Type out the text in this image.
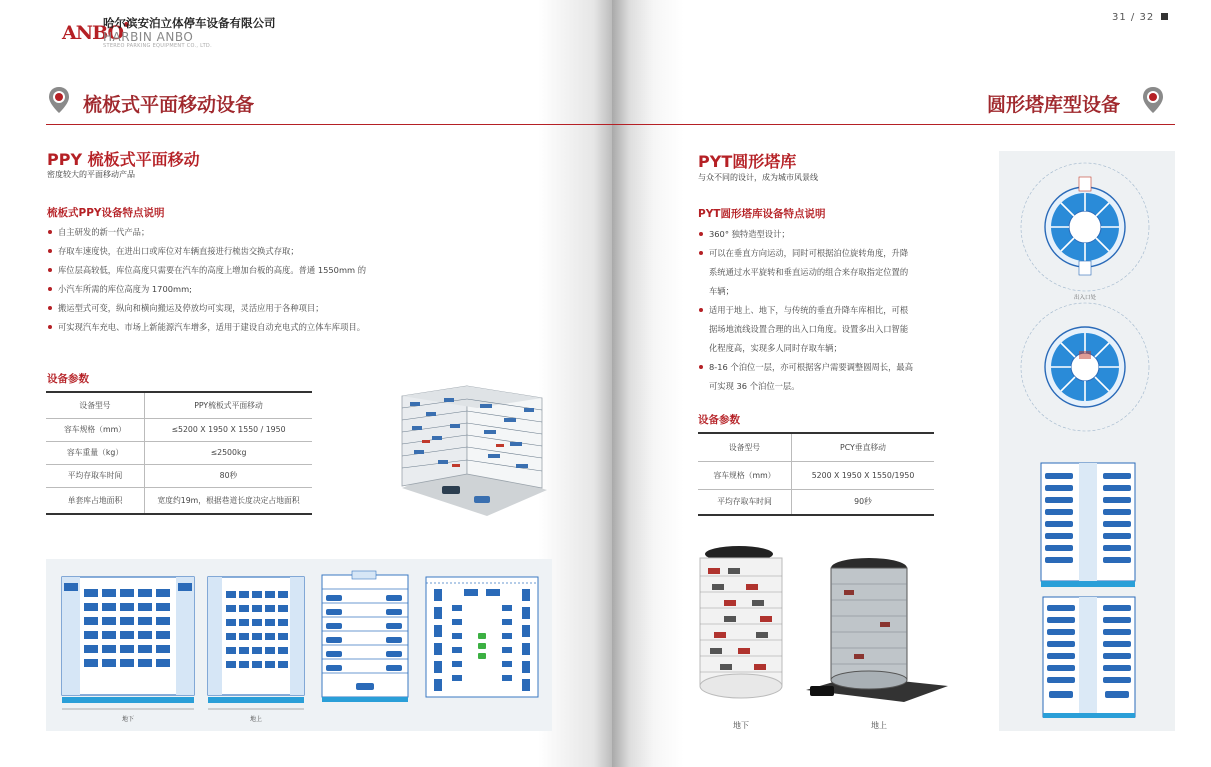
ANBO
哈尔滨安泊立体停车设备有限公司
HARBIN ANBO
STEREO PARKING EQUIPMENT CO., LTD.
梳板式平面移动设备
PPY 梳板式平面移动
密度较大的平面移动产品
梳板式PPY设备特点说明
自主研发的新一代产品；
存取车速度快，在进出口或库位对车辆直接进行梳齿交换式存取；
库位层高较低，库位高度只需要在汽车的高度上增加台板的高度。普通 1550mm 的
小汽车所需的库位高度为 1700mm;
搬运型式可变，纵向和横向搬运及停放均可实现，灵活应用于各种项目；
可实现汽车充电、市场上新能源汽车增多，适用于建设自动充电式的立体车库项目。
设备参数
设备型号	PPY梳板式平面移动
容车规格（mm）	≤5200 X 1950 X 1550 / 1950
容车重量（kg）	≤2500kg
平均存取车时间	80秒
单套库占地面积	宽度约19m，根据巷道长度决定占地面积
地下	地上
31 / 32
圆形塔库型设备
PYT圆形塔库
与众不同的设计，成为城市风景线
PYT圆形塔库设备特点说明
360° 独特造型设计；
可以在垂直方向运动，同时可根据泊位旋转角度，升降
系统通过水平旋转和垂直运动的组合来存取指定位置的
车辆；
适用于地上、地下，与传统的垂直升降车库相比，可根
据场地流线设置合理的出入口角度。设置多出入口智能
化程度高，实现多人同时存取车辆；
8-16 个泊位一层，亦可根据客户需要调整圆周长，最高
可实现 36 个泊位一层。
设备参数
设备型号	PCY垂直移动
容车规格（mm）	5200 X 1950 X 1550/1950
平均存取车时间	90秒
地下	地上
出入口处
